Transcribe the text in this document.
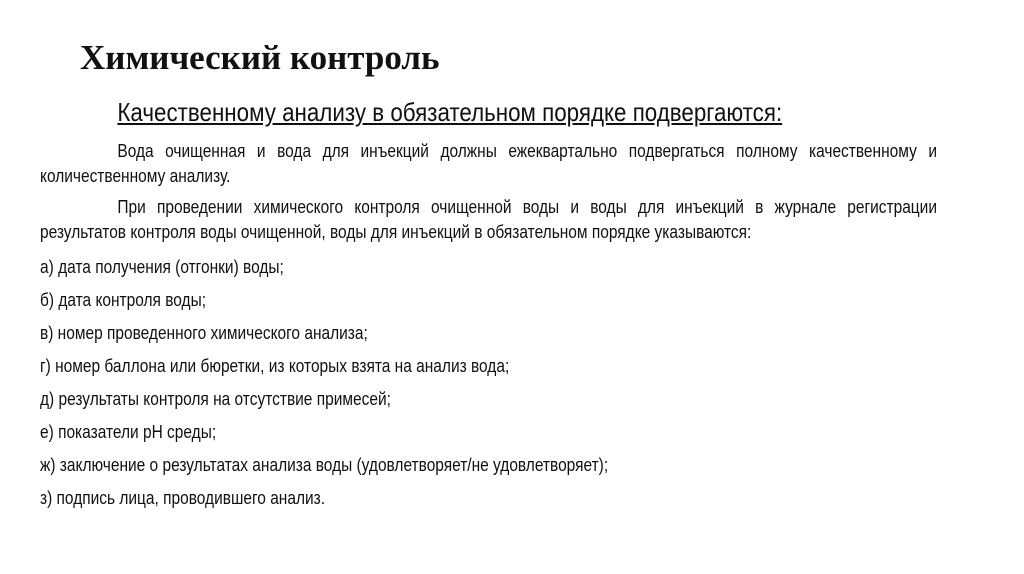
Химический контроль

Качественному анализу в обязательном порядке подвергаются:

Вода очищенная и вода для инъекций должны ежеквартально подвергаться полному качественному и количественному анализу.

При проведении химического контроля очищенной воды и воды для инъекций в журнале регистрации результатов контроля воды очищенной, воды для инъекций в обязательном порядке указываются:

а) дата получения (отгонки) воды;
б) дата контроля воды;
в) номер проведенного химического анализа;
г) номер баллона или бюретки, из которых взята на анализ вода;
д) результаты контроля на отсутствие примесей;
е) показатели pH среды;
ж) заключение о результатах анализа воды (удовлетворяет/не удовлетворяет);
з) подпись лица, проводившего анализ.
